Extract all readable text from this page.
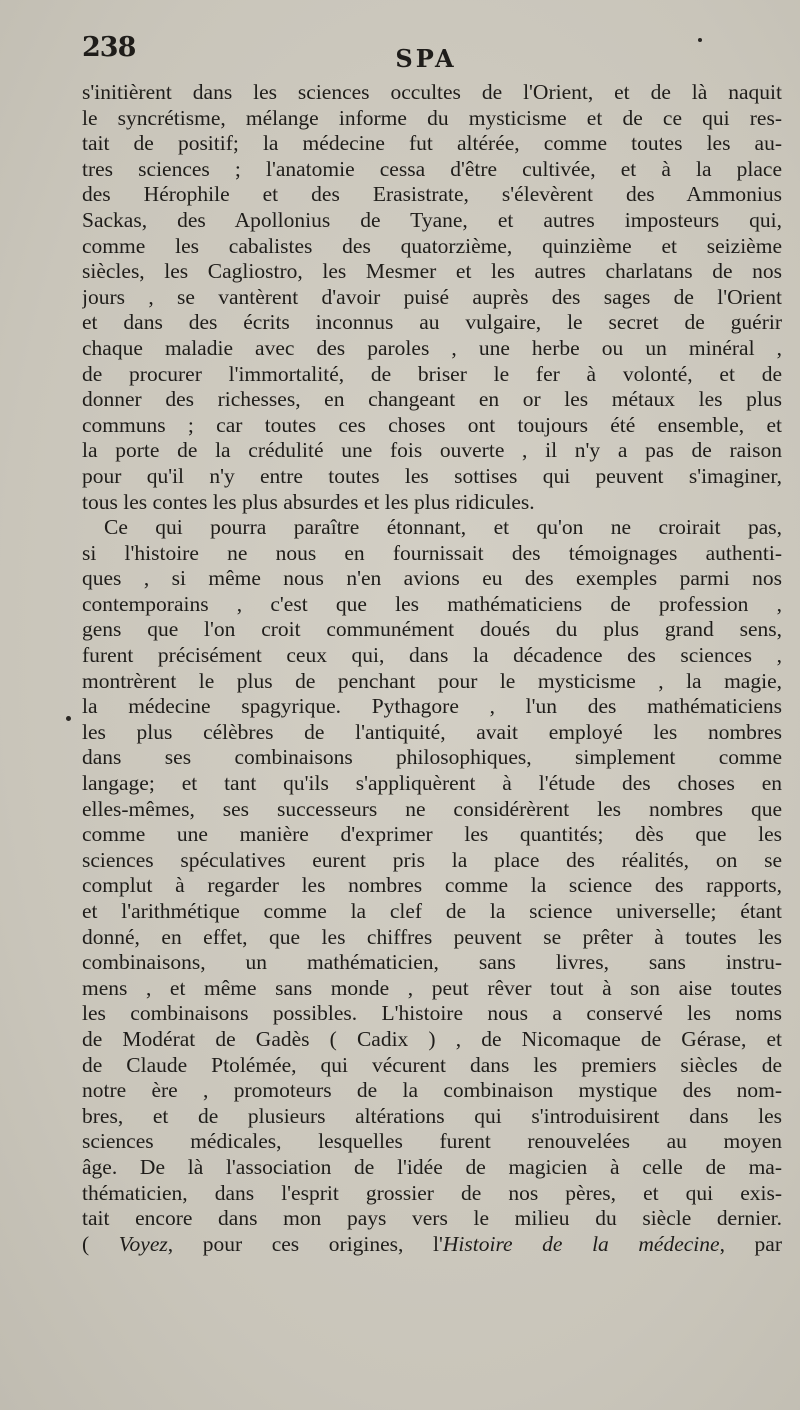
238	SPA
s'initièrent dans les sciences occultes de l'Orient, et de là naquit
le syncrétisme, mélange informe du mysticisme et de ce qui res-
tait de positif; la médecine fut altérée, comme toutes les au-
tres sciences ; l'anatomie cessa d'être cultivée, et à la place
des Hérophile et des Erasistrate, s'élevèrent des Ammonius
Sackas, des Apollonius de Tyane, et autres imposteurs qui,
comme les cabalistes des quatorzième, quinzième et seizième
siècles, les Cagliostro, les Mesmer et les autres charlatans de nos
jours , se vantèrent d'avoir puisé auprès des sages de l'Orient
et dans des écrits inconnus au vulgaire, le secret de guérir
chaque maladie avec des paroles , une herbe ou un minéral ,
de procurer l'immortalité, de briser le fer à volonté, et de
donner des richesses, en changeant en or les métaux les plus
communs ; car toutes ces choses ont toujours été ensemble, et
la porte de la crédulité une fois ouverte , il n'y a pas de raison
pour qu'il n'y entre toutes les sottises qui peuvent s'imaginer,
tous les contes les plus absurdes et les plus ridicules.
Ce qui pourra paraître étonnant, et qu'on ne croirait pas,
si l'histoire ne nous en fournissait des témoignages authenti-
ques , si même nous n'en avions eu des exemples parmi nos
contemporains , c'est que les mathématiciens de profession ,
gens que l'on croit communément doués du plus grand sens,
furent précisément ceux qui, dans la décadence des sciences ,
montrèrent le plus de penchant pour le mysticisme , la magie,
la médecine spagyrique. Pythagore , l'un des mathématiciens
les plus célèbres de l'antiquité, avait employé les nombres
dans ses combinaisons philosophiques, simplement comme
langage; et tant qu'ils s'appliquèrent à l'étude des choses en
elles-mêmes, ses successeurs ne considérèrent les nombres que
comme une manière d'exprimer les quantités; dès que les
sciences spéculatives eurent pris la place des réalités, on se
complut à regarder les nombres comme la science des rapports,
et l'arithmétique comme la clef de la science universelle; étant
donné, en effet, que les chiffres peuvent se prêter à toutes les
combinaisons, un mathématicien, sans livres, sans instru-
mens , et même sans monde , peut rêver tout à son aise toutes
les combinaisons possibles. L'histoire nous a conservé les noms
de Modérat de Gadès ( Cadix ) , de Nicomaque de Gérase, et
de Claude Ptolémée, qui vécurent dans les premiers siècles de
notre ère , promoteurs de la combinaison mystique des nom-
bres, et de plusieurs altérations qui s'introduisirent dans les
sciences médicales, lesquelles furent renouvelées au moyen
âge. De là l'association de l'idée de magicien à celle de ma-
thématicien, dans l'esprit grossier de nos pères, et qui exis-
tait encore dans mon pays vers le milieu du siècle dernier.
( Voyez, pour ces origines, l'Histoire de la médecine, par
